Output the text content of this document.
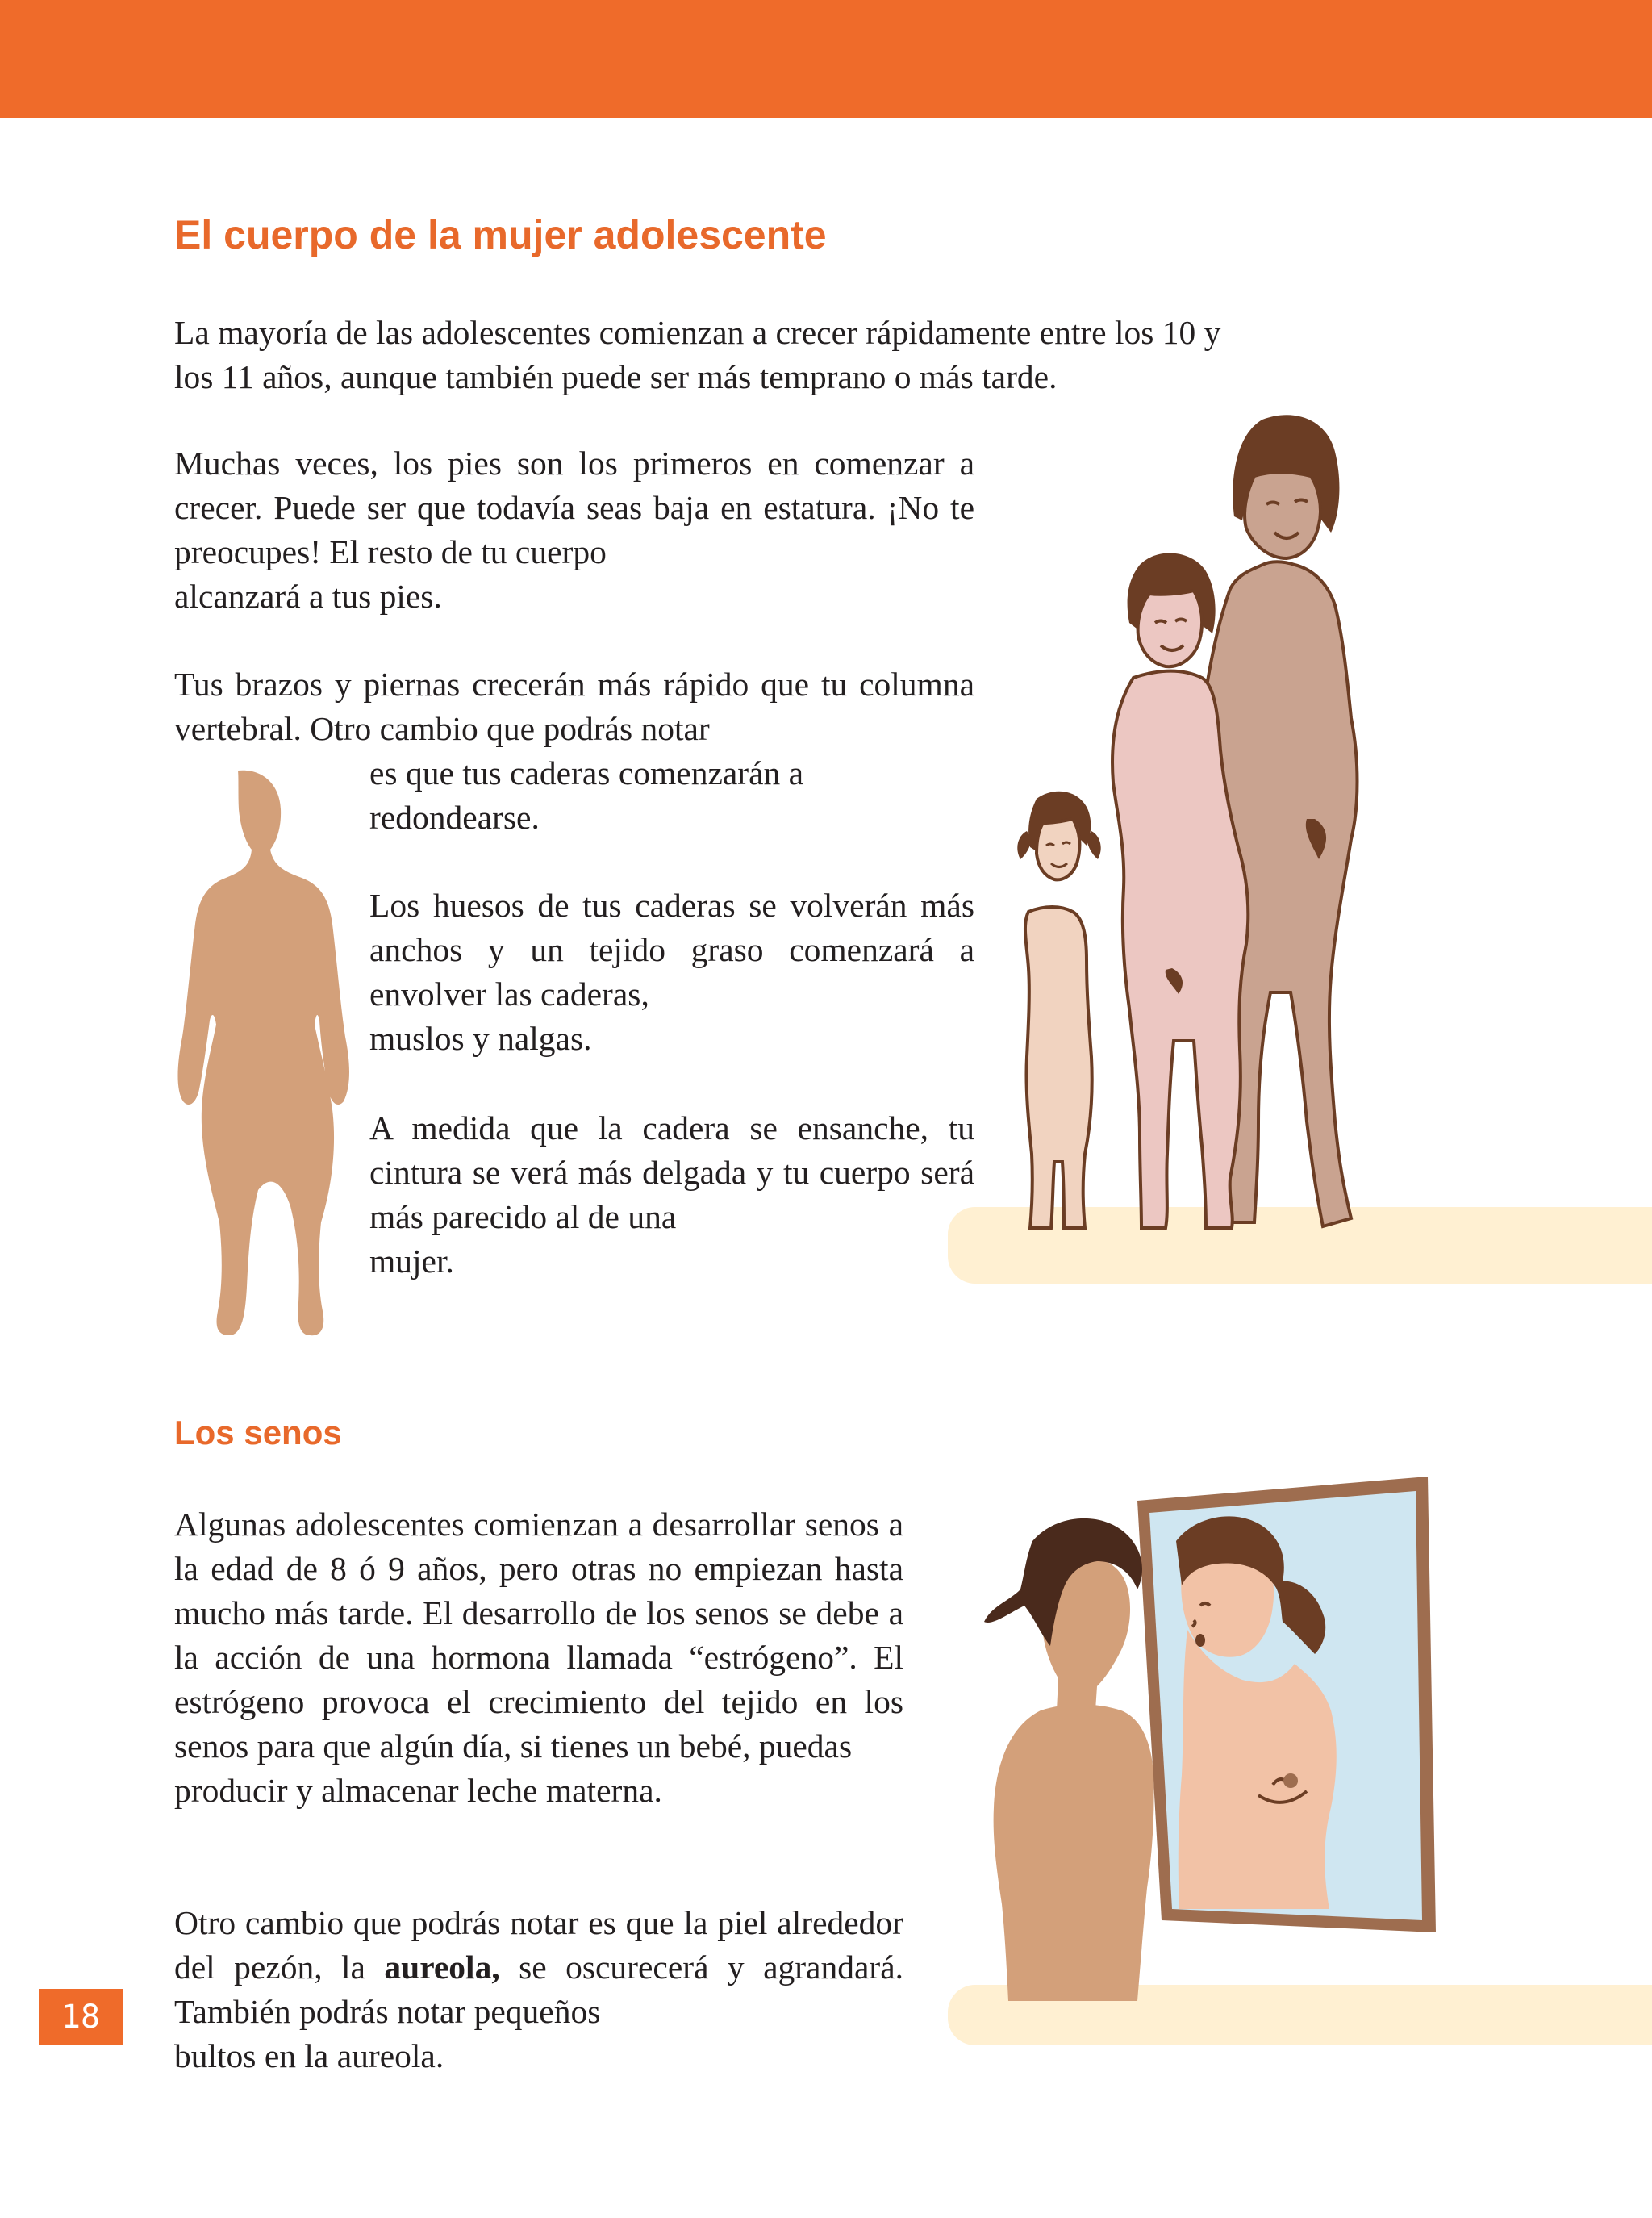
El cuerpo de la mujer adolescente

La mayoría de las adolescentes comienzan a crecer rápidamente entre los 10 y
los 11 años, aunque también puede ser más temprano o más tarde.

Muchas veces, los pies son los primeros en comenzar a crecer. Puede ser que todavía seas baja en estatura. ¡No te preocupes! El resto de tu cuerpo
alcanzará a tus pies.

Tus brazos y piernas crecerán más rápido que tu columna vertebral. Otro cambio que podrás notar

es que tus caderas comenzarán a
redondearse.

Los huesos de tus caderas se volverán más anchos y un tejido graso comenzará a envolver las caderas,
muslos y nalgas.

A medida que la cadera se ensanche, tu cintura se verá más delgada y tu cuerpo será más parecido al de una
mujer.

Los senos

Algunas adolescentes comienzan a desarrollar senos a la edad de 8 ó 9 años, pero otras no empiezan hasta mucho más tarde. El desarrollo de los senos se debe a la acción de una hormona llamada “estrógeno”. El estrógeno provoca el crecimiento del tejido en los senos para que algún día, si tienes un bebé, puedas
producir y almacenar leche materna.

Otro cambio que podrás notar es que la piel alrededor del pezón, la aureola, se oscurecerá y agrandará. También podrás notar pequeños
bultos en la aureola.

18
